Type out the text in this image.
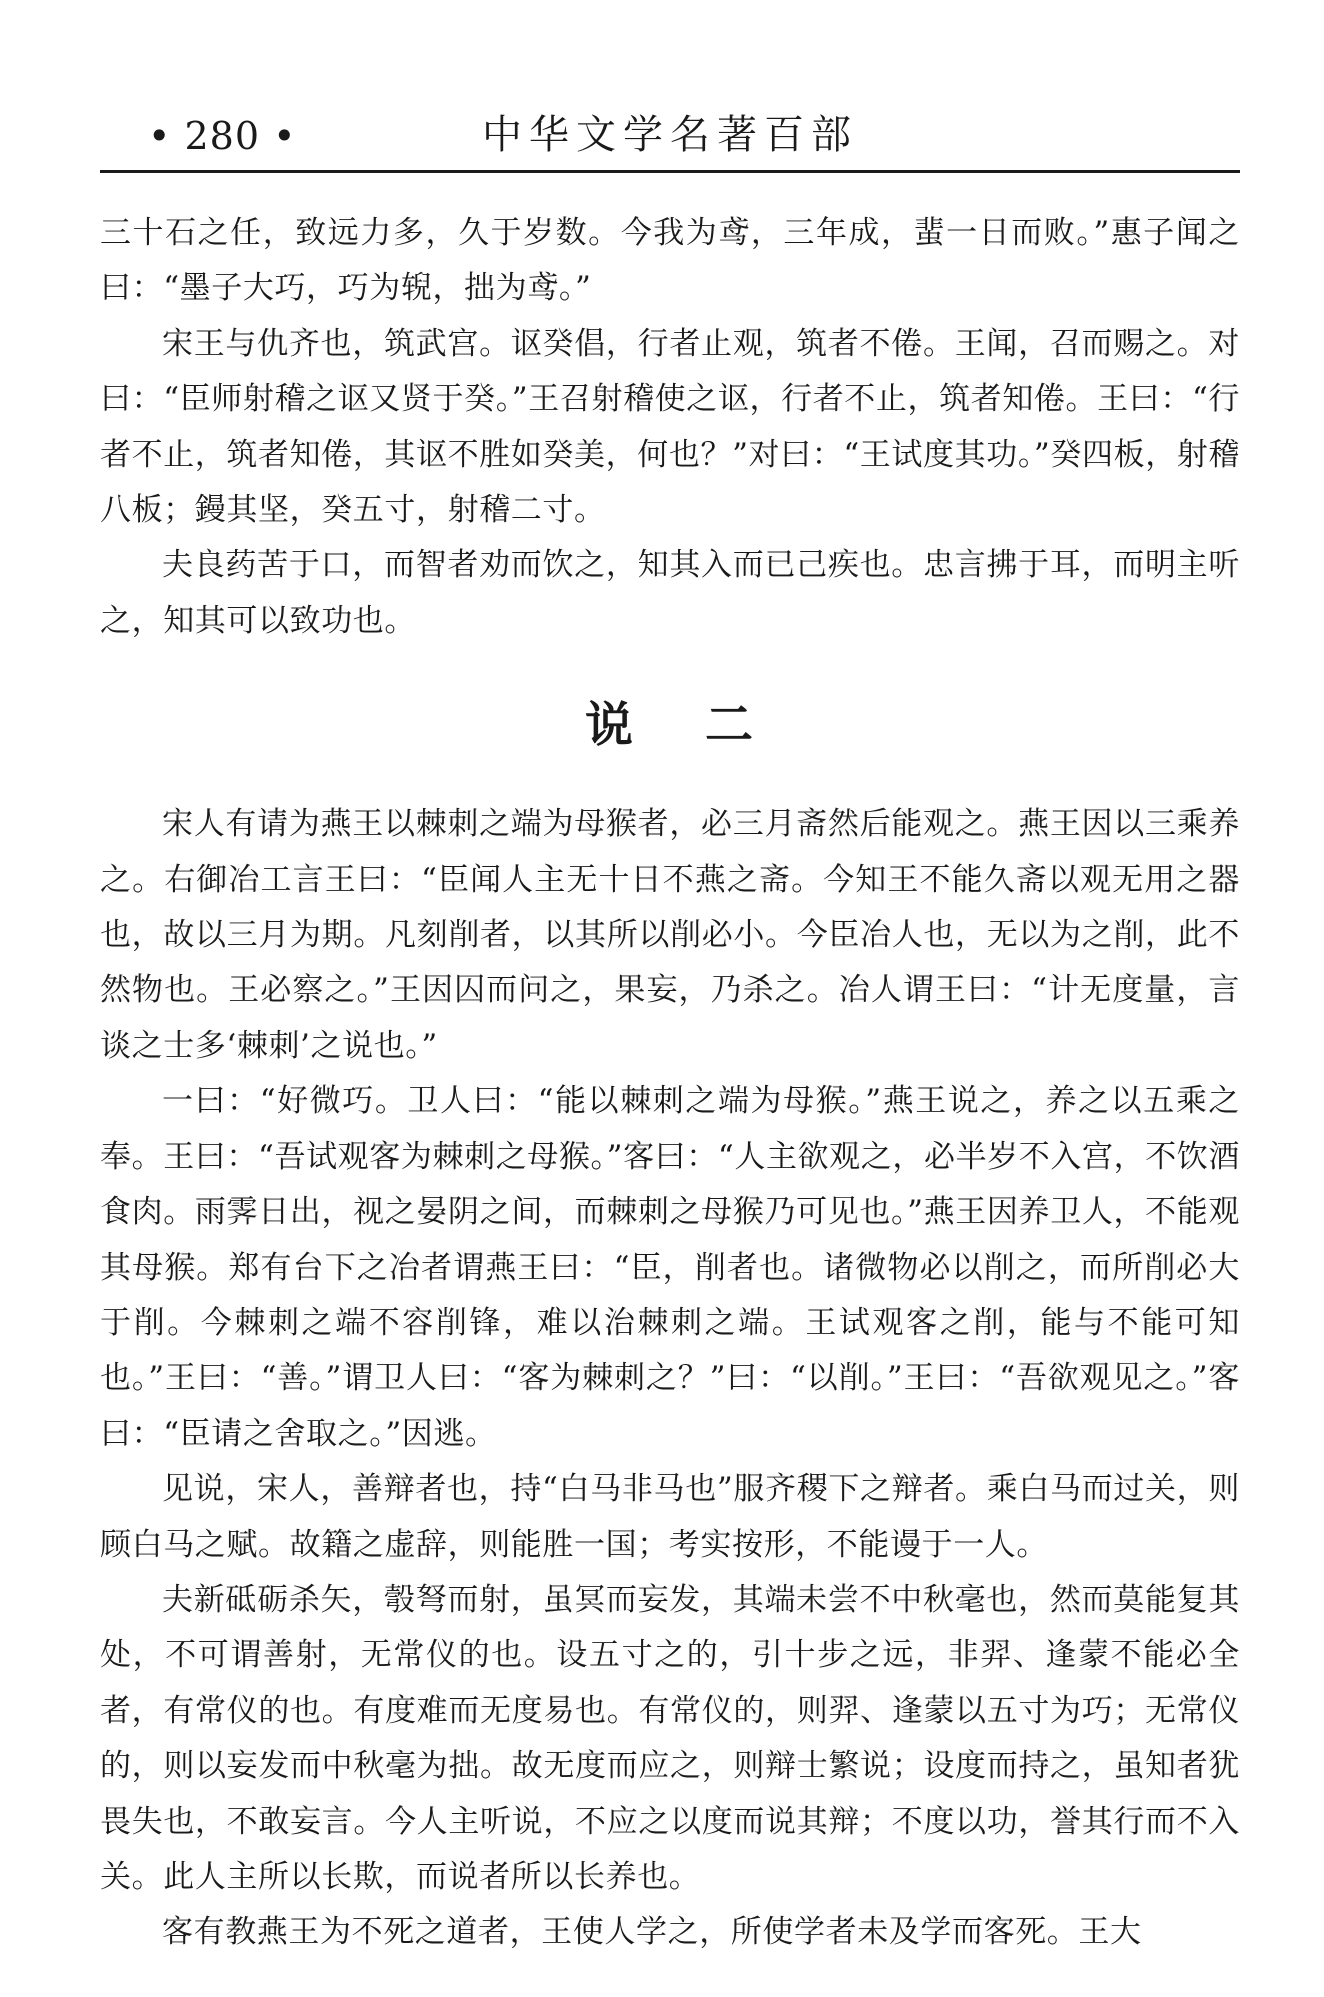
• 280 •	中华文学名著百部

三十石之任，致远力多，久于岁数。今我为鸢，三年成，蜚一日而败。”惠子闻之曰：“墨子大巧，巧为𫐐，拙为鸢。”

宋王与仇齐也，筑武宫。讴癸倡，行者止观，筑者不倦。王闻，召而赐之。对曰：“臣师射稽之讴又贤于癸。”王召射稽使之讴，行者不止，筑者知倦。王曰：“行者不止，筑者知倦，其讴不胜如癸美，何也？”对曰：“王试度其功。”癸四板，射稽八板；鏝其坚，癸五寸，射稽二寸。

夫良药苦于口，而智者劝而饮之，知其入而已己疾也。忠言拂于耳，而明主听之，知其可以致功也。

说 二

宋人有请为燕王以棘刺之端为母猴者，必三月斋然后能观之。燕王因以三乘养之。右御冶工言王曰：“臣闻人主无十日不燕之斋。今知王不能久斋以观无用之器也，故以三月为期。凡刻削者，以其所以削必小。今臣冶人也，无以为之削，此不然物也。王必察之。”王因囚而问之，果妄，乃杀之。冶人谓王曰：“计无度量，言谈之士多‘棘刺’之说也。”

一曰：“好微巧。卫人曰：“能以棘刺之端为母猴。”燕王说之，养之以五乘之奉。王曰：“吾试观客为棘刺之母猴。”客曰：“人主欲观之，必半岁不入宫，不饮酒食肉。雨霁日出，视之晏阴之间，而棘刺之母猴乃可见也。”燕王因养卫人，不能观其母猴。郑有台下之冶者谓燕王曰：“臣，削者也。诸微物必以削之，而所削必大于削。今棘刺之端不容削锋，难以治棘刺之端。王试观客之削，能与不能可知也。”王曰：“善。”谓卫人曰：“客为棘刺之？”曰：“以削。”王曰：“吾欲观见之。”客曰：“臣请之舍取之。”因逃。

见说，宋人，善辩者也，持“白马非马也”服齐稷下之辩者。乘白马而过关，则顾白马之赋。故籍之虚辞，则能胜一国；考实按形，不能谩于一人。

夫新砥砺杀矢，彀弩而射，虽冥而妄发，其端未尝不中秋毫也，然而莫能复其处，不可谓善射，无常仪的也。设五寸之的，引十步之远，非羿、逢蒙不能必全者，有常仪的也。有度难而无度易也。有常仪的，则羿、逢蒙以五寸为巧；无常仪的，则以妄发而中秋毫为拙。故无度而应之，则辩士繁说；设度而持之，虽知者犹畏失也，不敢妄言。今人主听说，不应之以度而说其辩；不度以功，誉其行而不入关。此人主所以长欺，而说者所以长养也。

客有教燕王为不死之道者，王使人学之，所使学者未及学而客死。王大
